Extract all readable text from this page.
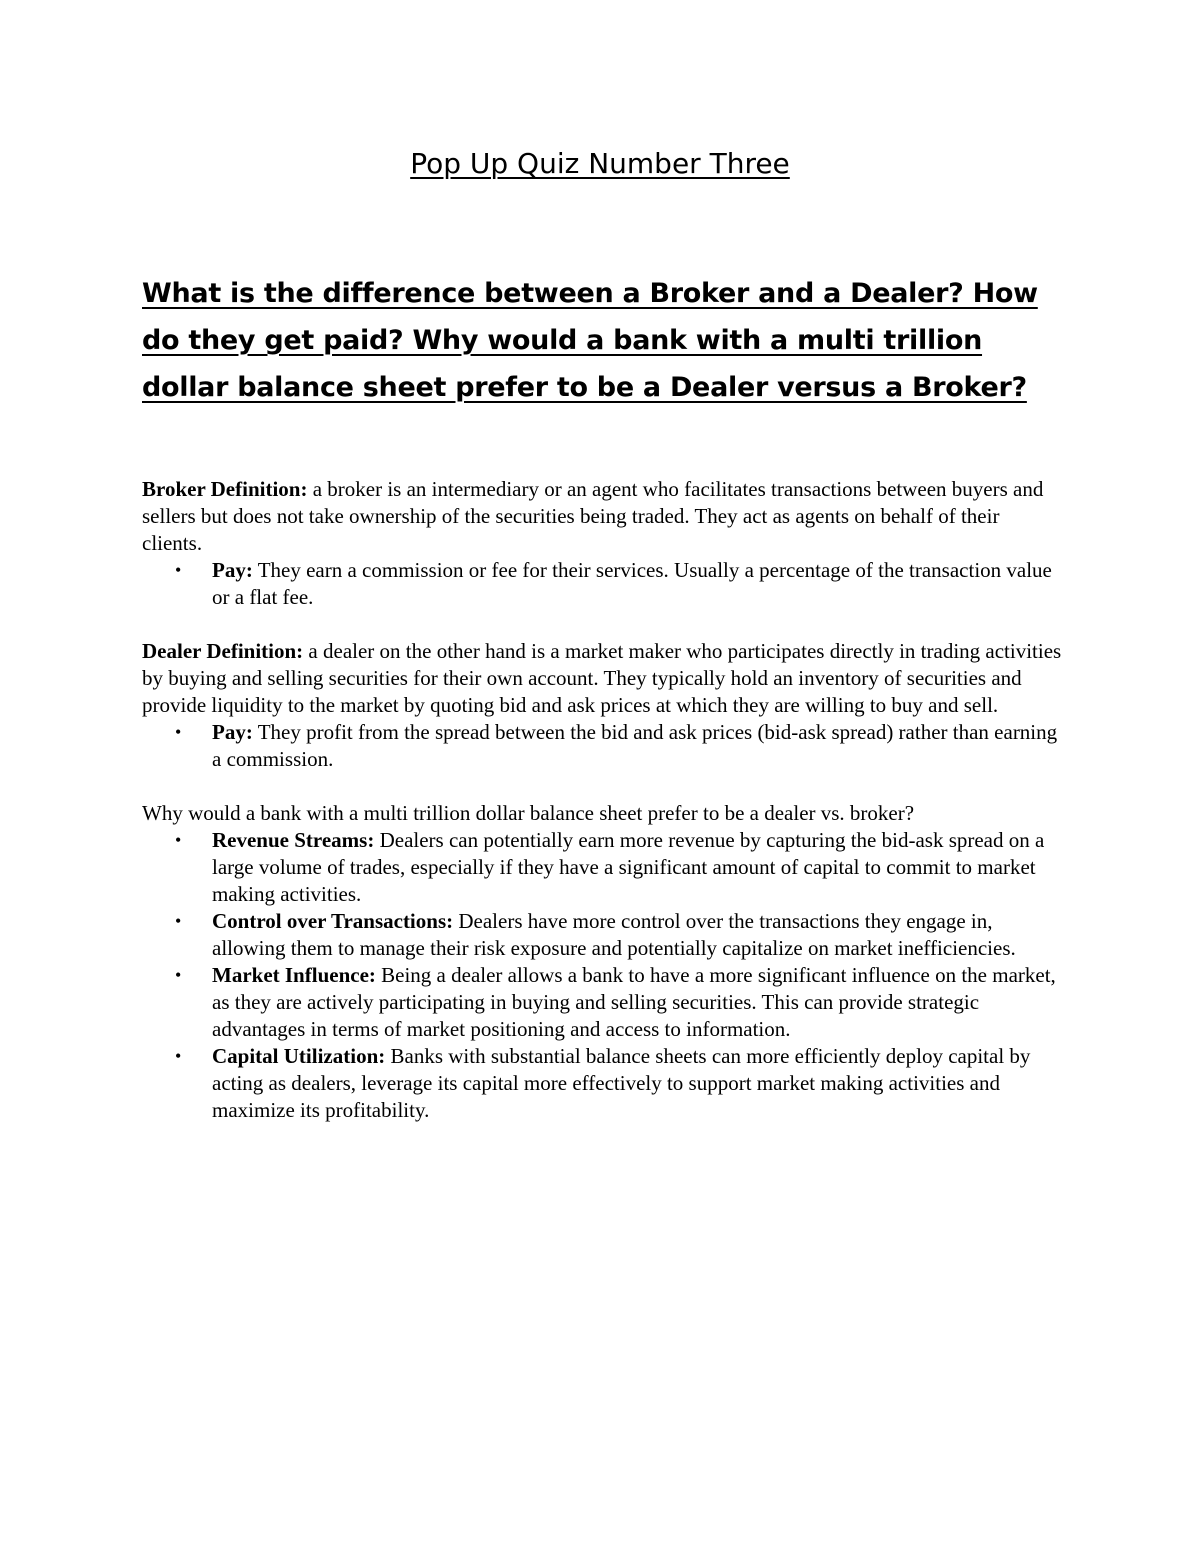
Pop Up Quiz Number Three
What is the difference between a Broker and a Dealer? How do they get paid? Why would a bank with a multi trillion dollar balance sheet prefer to be a Dealer versus a Broker?

Broker Definition: a broker is an intermediary or an agent who facilitates transactions between buyers and sellers but does not take ownership of the securities being traded. They act as agents on behalf of their clients.

• Pay: They earn a commission or fee for their services. Usually a percentage of the transaction value or a flat fee.

Dealer Definition: a dealer on the other hand is a market maker who participates directly in trading activities by buying and selling securities for their own account. They typically hold an inventory of securities and provide liquidity to the market by quoting bid and ask prices at which they are willing to buy and sell.

• Pay: They profit from the spread between the bid and ask prices (bid-ask spread) rather than earning a commission.

Why would a bank with a multi trillion dollar balance sheet prefer to be a dealer vs. broker?

• Revenue Streams: Dealers can potentially earn more revenue by capturing the bid-ask spread on a large volume of trades, especially if they have a significant amount of capital to commit to market making activities.
• Control over Transactions: Dealers have more control over the transactions they engage in, allowing them to manage their risk exposure and potentially capitalize on market inefficiencies.
• Market Influence: Being a dealer allows a bank to have a more significant influence on the market, as they are actively participating in buying and selling securities. This can provide strategic advantages in terms of market positioning and access to information.
• Capital Utilization: Banks with substantial balance sheets can more efficiently deploy capital by acting as dealers, leverage its capital more effectively to support market making activities and maximize its profitability.
